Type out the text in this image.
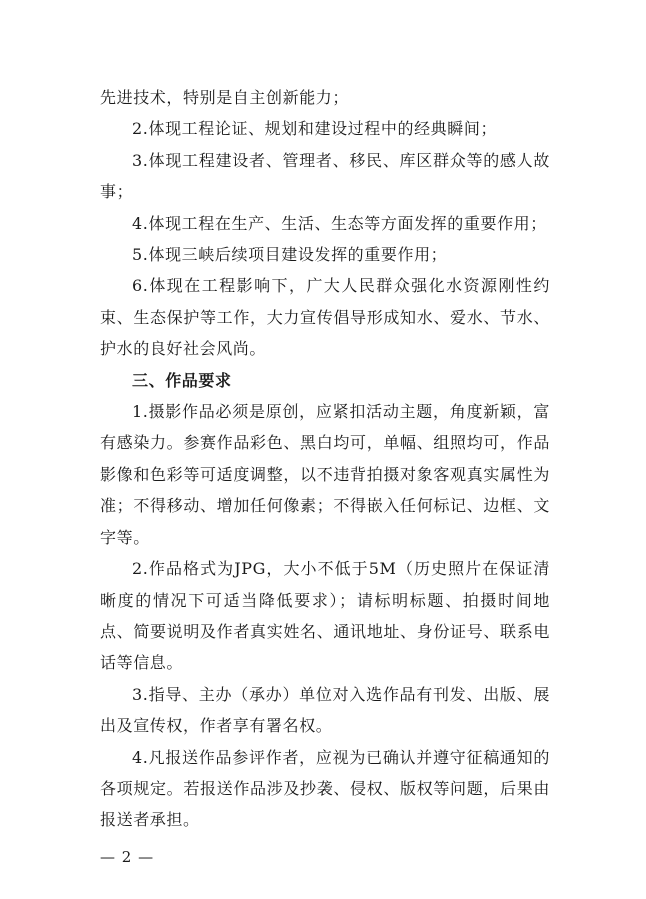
先进技术，特别是自主创新能力；

2.体现工程论证、规划和建设过程中的经典瞬间；

3.体现工程建设者、管理者、移民、库区群众等的感人故事；

4.体现工程在生产、生活、生态等方面发挥的重要作用；

5.体现三峡后续项目建设发挥的重要作用；

6.体现在工程影响下，广大人民群众强化水资源刚性约束、生态保护等工作，大力宣传倡导形成知水、爱水、节水、护水的良好社会风尚。

三、作品要求

1.摄影作品必须是原创，应紧扣活动主题，角度新颖，富有感染力。参赛作品彩色、黑白均可，单幅、组照均可，作品影像和色彩等可适度调整，以不违背拍摄对象客观真实属性为准；不得移动、增加任何像素；不得嵌入任何标记、边框、文字等。

2.作品格式为JPG，大小不低于5M（历史照片在保证清晰度的情况下可适当降低要求）；请标明标题、拍摄时间地点、简要说明及作者真实姓名、通讯地址、身份证号、联系电话等信息。

3.指导、主办（承办）单位对入选作品有刊发、出版、展出及宣传权，作者享有署名权。

4.凡报送作品参评作者，应视为已确认并遵守征稿通知的各项规定。若报送作品涉及抄袭、侵权、版权等问题，后果由报送者承担。

— 2 —
